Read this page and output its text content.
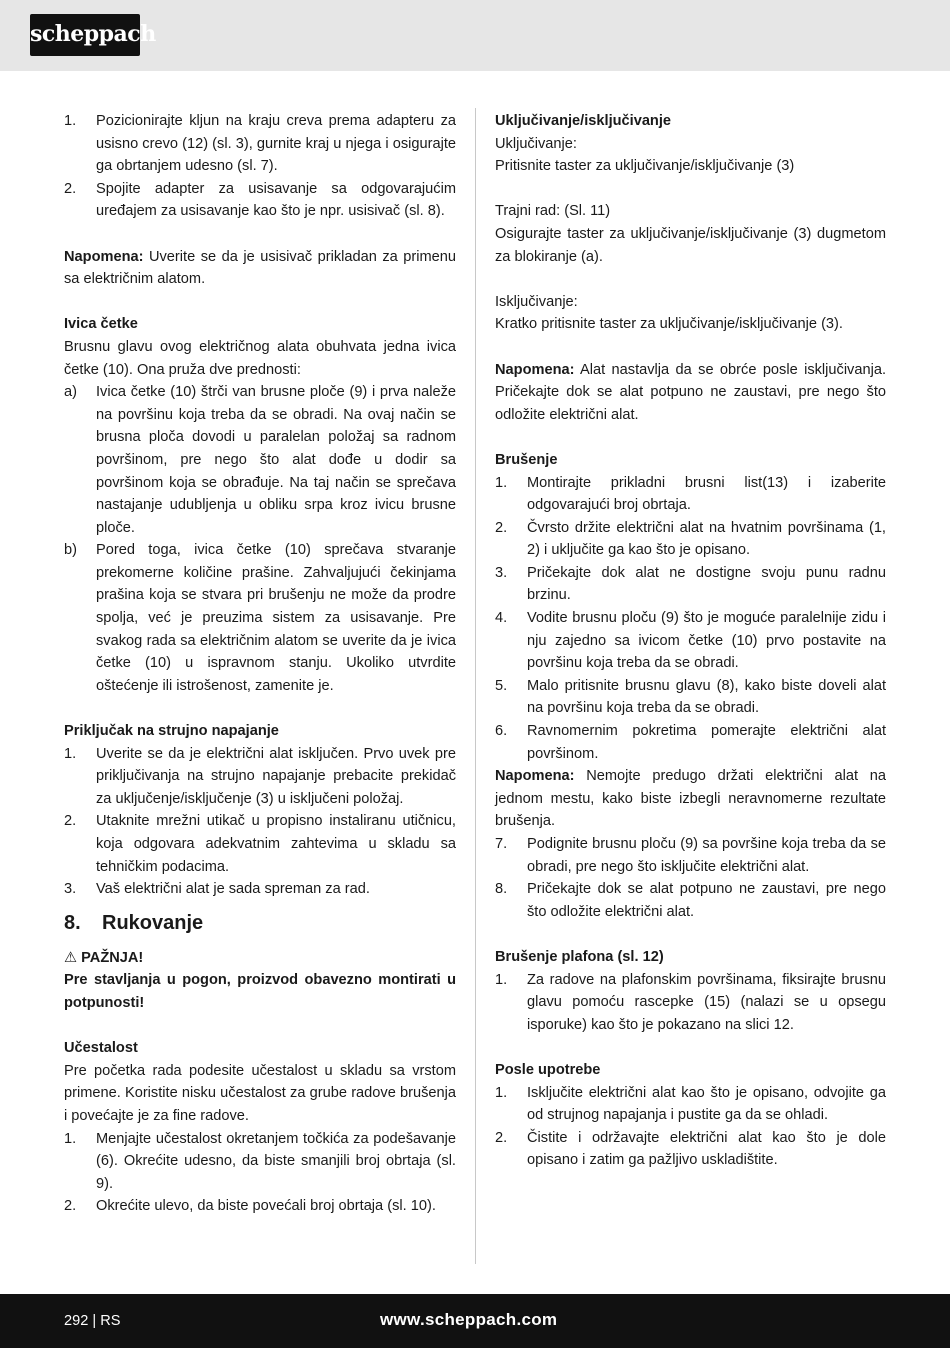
scheppach
1. Pozicionirajte kljun na kraju creva prema adapteru za usisno crevo (12) (sl. 3), gurnite kraj u njega i osigurajte ga obrtanjem udesno (sl. 7).
2. Spojite adapter za usisavanje sa odgovarajućim uređajem za usisavanje kao što je npr. usisivač (sl. 8).

Napomena: Uverite se da je usisivač prikladan za primenu sa električnim alatom.

Ivica četke

Brusnu glavu ovog električnog alata obuhvata jedna ivica četke (10). Ona pruža dve prednosti:

a) Ivica četke (10) štrči van brusne ploče (9) i prva naleže na površinu koja treba da se obradi. Na ovaj način se brusna ploča dovodi u paralelan položaj sa radnom površinom, pre nego što alat dođe u dodir sa površinom koja se obrađuje. Na taj način se sprečava nastajanje udubljenja u obliku srpa kroz ivicu brusne ploče.
b) Pored toga, ivica četke (10) sprečava stvaranje prekomerne količine prašine. Zahvaljujući čekinjama prašina koja se stvara pri brušenju ne može da prodre spolja, već je preuzima sistem za usisavanje. Pre svakog rada sa električnim alatom se uverite da je ivica četke (10) u ispravnom stanju. Ukoliko utvrdite oštećenje ili istrošenost, zamenite je.

Priključak na strujno napajanje

1. Uverite se da je električni alat isključen. Prvo uvek pre priključivanja na strujno napajanje prebacite prekidač za uključenje/isključenje (3) u isključeni položaj.
2. Utaknite mrežni utikač u propisno instaliranu utičnicu, koja odgovara adekvatnim zahtevima u skladu sa tehničkim podacima.
3. Vaš električni alat je sada spreman za rad.
8. Rukovanje

⚠ PAŽNJA!

Pre stavljanja u pogon, proizvod obavezno montirati u potpunosti!

Učestalost

Pre početka rada podesite učestalost u skladu sa vrstom primene. Koristite nisku učestalost za grube radove brušenja i povećajte je za fine radove.

1. Menjajte učestalost okretanjem točkića za podešavanje (6). Okrećite udesno, da biste smanjili broj obrtaja (sl. 9).
2. Okrećite ulevo, da biste povećali broj obrtaja (sl. 10).

Uključivanje/isključivanje

Uključivanje:

Pritisnite taster za uključivanje/isključivanje (3)

Trajni rad: (Sl. 11)

Osigurajte taster za uključivanje/isključivanje (3) dugmetom za blokiranje (a).

Isključivanje:

Kratko pritisnite taster za uključivanje/isključivanje (3).

Napomena: Alat nastavlja da se obrće posle isključivanja. Pričekajte dok se alat potpuno ne zaustavi, pre nego što odložite električni alat.

Brušenje

1. Montirajte prikladni brusni list(13) i izaberite odgovarajući broj obrtaja.
2. Čvrsto držite električni alat na hvatnim površinama (1, 2) i uključite ga kao što je opisano.
3. Pričekajte dok alat ne dostigne svoju punu radnu brzinu.
4. Vodite brusnu ploču (9) što je moguće paralelnije zidu i nju zajedno sa ivicom četke (10) prvo postavite na površinu koja treba da se obradi.
5. Malo pritisnite brusnu glavu (8), kako biste doveli alat na površinu koja treba da se obradi.
6. Ravnomernim pokretima pomerajte električni alat površinom.

Napomena: Nemojte predugo držati električni alat na jednom mestu, kako biste izbegli neravnomerne rezultate brušenja.

7. Podignite brusnu ploču (9) sa površine koja treba da se obradi, pre nego što isključite električni alat.
8. Pričekajte dok se alat potpuno ne zaustavi, pre nego što odložite električni alat.

Brušenje plafona (sl. 12)

1. Za radove na plafonskim površinama, fiksirajte brusnu glavu pomoću rascepke (15) (nalazi se u opsegu isporuke) kao što je pokazano na slici 12.

Posle upotrebe

1. Isključite električni alat kao što je opisano, odvojite ga od strujnog napajanja i pustite ga da se ohladi.
2. Čistite i održavajte električni alat kao što je dole opisano i zatim ga pažljivo uskladištite.
292 | RS	www.scheppach.com
